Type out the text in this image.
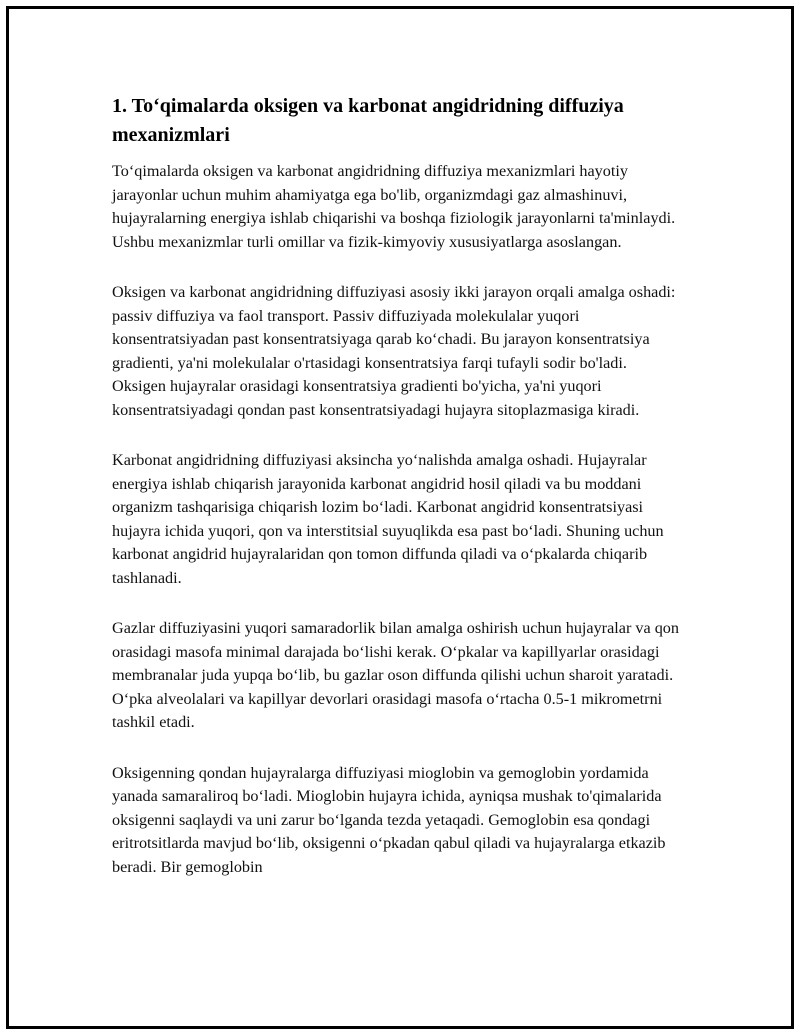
1. To‘qimalarda oksigen va karbonat angidridning diffuziya mexanizmlari

To‘qimalarda oksigen va karbonat angidridning diffuziya mexanizmlari hayotiy jarayonlar uchun muhim ahamiyatga ega bo'lib, organizmdagi gaz almashinuvi, hujayralarning energiya ishlab chiqarishi va boshqa fiziologik jarayonlarni ta'minlaydi. Ushbu mexanizmlar turli omillar va fizik-kimyoviy xususiyatlarga asoslangan.

Oksigen va karbonat angidridning diffuziyasi asosiy ikki jarayon orqali amalga oshadi: passiv diffuziya va faol transport. Passiv diffuziyada molekulalar yuqori konsentratsiyadan past konsentratsiyaga qarab ko‘chadi. Bu jarayon konsentratsiya gradienti, ya'ni molekulalar o'rtasidagi konsentratsiya farqi tufayli sodir bo'ladi. Oksigen hujayralar orasidagi konsentratsiya gradienti bo'yicha, ya'ni yuqori konsentratsiyadagi qondan past konsentratsiyadagi hujayra sitoplazmasiga kiradi.

Karbonat angidridning diffuziyasi aksincha yo‘nalishda amalga oshadi. Hujayralar energiya ishlab chiqarish jarayonida karbonat angidrid hosil qiladi va bu moddani organizm tashqarisiga chiqarish lozim bo‘ladi. Karbonat angidrid konsentratsiyasi hujayra ichida yuqori, qon va interstitsial suyuqlikda esa past bo‘ladi. Shuning uchun karbonat angidrid hujayralaridan qon tomon diffunda qiladi va o‘pkalarda chiqarib tashlanadi.

Gazlar diffuziyasini yuqori samaradorlik bilan amalga oshirish uchun hujayralar va qon orasidagi masofa minimal darajada bo‘lishi kerak. O‘pkalar va kapillyarlar orasidagi membranalar juda yupqa bo‘lib, bu gazlar oson diffunda qilishi uchun sharoit yaratadi. O‘pka alveolalari va kapillyar devorlari orasidagi masofa o‘rtacha 0.5-1 mikrometrni tashkil etadi.

Oksigenning qondan hujayralarga diffuziyasi mioglobin va gemoglobin yordamida yanada samaraliroq bo‘ladi. Mioglobin hujayra ichida, ayniqsa mushak to'qimalarida oksigenni saqlaydi va uni zarur bo‘lganda tezda yetaqadi. Gemoglobin esa qondagi eritrotsitlarda mavjud bo‘lib, oksigenni o‘pkadan qabul qiladi va hujayralarga etkazib beradi. Bir gemoglobin
